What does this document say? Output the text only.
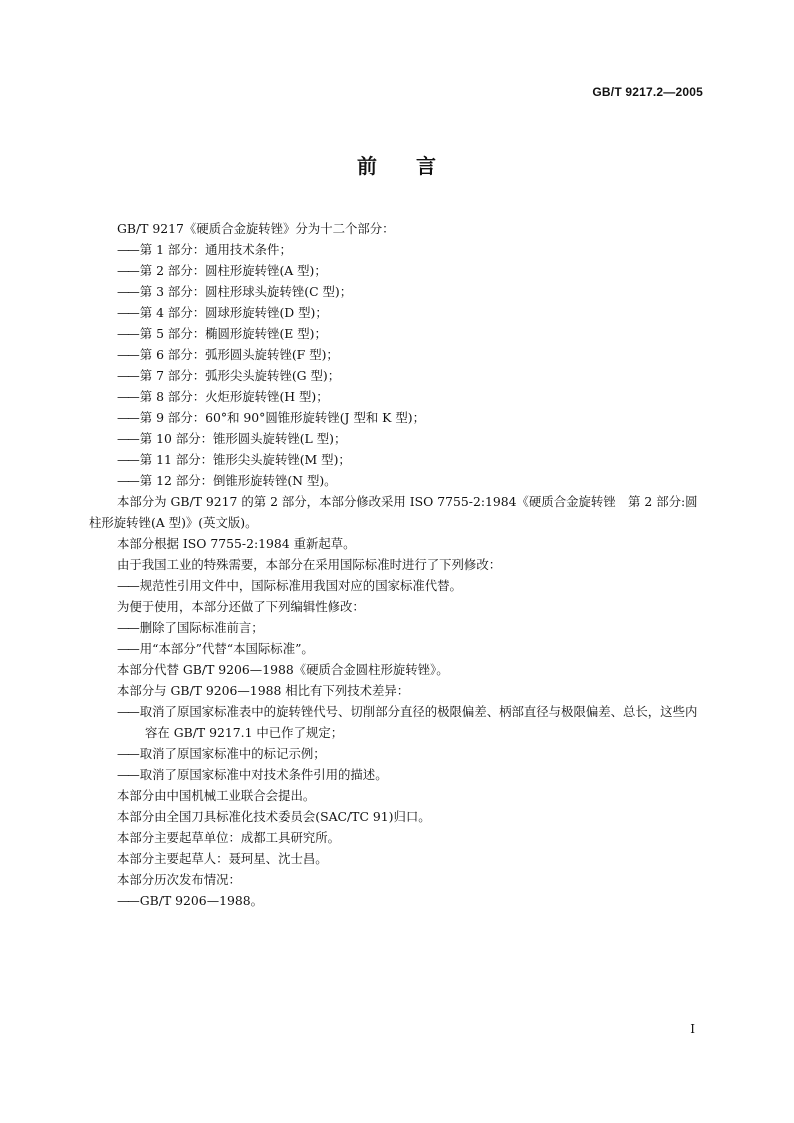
GB/T 9217.2—2005
前 言

GB/T 9217《硬质合金旋转锉》分为十二个部分：

—— 第 1 部分：通用技术条件；

—— 第 2 部分：圆柱形旋转锉(A 型)；

—— 第 3 部分：圆柱形球头旋转锉(C 型)；

—— 第 4 部分：圆球形旋转锉(D 型)；

—— 第 5 部分：椭圆形旋转锉(E 型)；

—— 第 6 部分：弧形圆头旋转锉(F 型)；

—— 第 7 部分：弧形尖头旋转锉(G 型)；

—— 第 8 部分：火炬形旋转锉(H 型)；

—— 第 9 部分：60°和 90°圆锥形旋转锉(J 型和 K 型)；

—— 第 10 部分：锥形圆头旋转锉(L 型)；

—— 第 11 部分：锥形尖头旋转锉(M 型)；

—— 第 12 部分：倒锥形旋转锉(N 型)。

本部分为 GB/T 9217 的第 2 部分，本部分修改采用 ISO 7755-2:1984《硬质合金旋转锉　第 2 部分:圆柱形旋转锉(A 型)》(英文版)。

本部分根据 ISO 7755-2:1984 重新起草。

由于我国工业的特殊需要，本部分在采用国际标准时进行了下列修改：

—— 规范性引用文件中，国际标准用我国对应的国家标准代替。

为便于使用，本部分还做了下列编辑性修改：

—— 删除了国际标准前言；

—— 用“本部分”代替“本国际标准”。

本部分代替 GB/T 9206—1988《硬质合金圆柱形旋转锉》。

本部分与 GB/T 9206—1988 相比有下列技术差异：

—— 取消了原国家标准表中的旋转锉代号、切削部分直径的极限偏差、柄部直径与极限偏差、总长，这些内容在 GB/T 9217.1 中已作了规定；

—— 取消了原国家标准中的标记示例；

—— 取消了原国家标准中对技术条件引用的描述。

本部分由中国机械工业联合会提出。

本部分由全国刀具标准化技术委员会(SAC/TC 91)归口。

本部分主要起草单位：成都工具研究所。

本部分主要起草人：聂珂星、沈士昌。

本部分历次发布情况：

—— GB/T 9206—1988。

I
